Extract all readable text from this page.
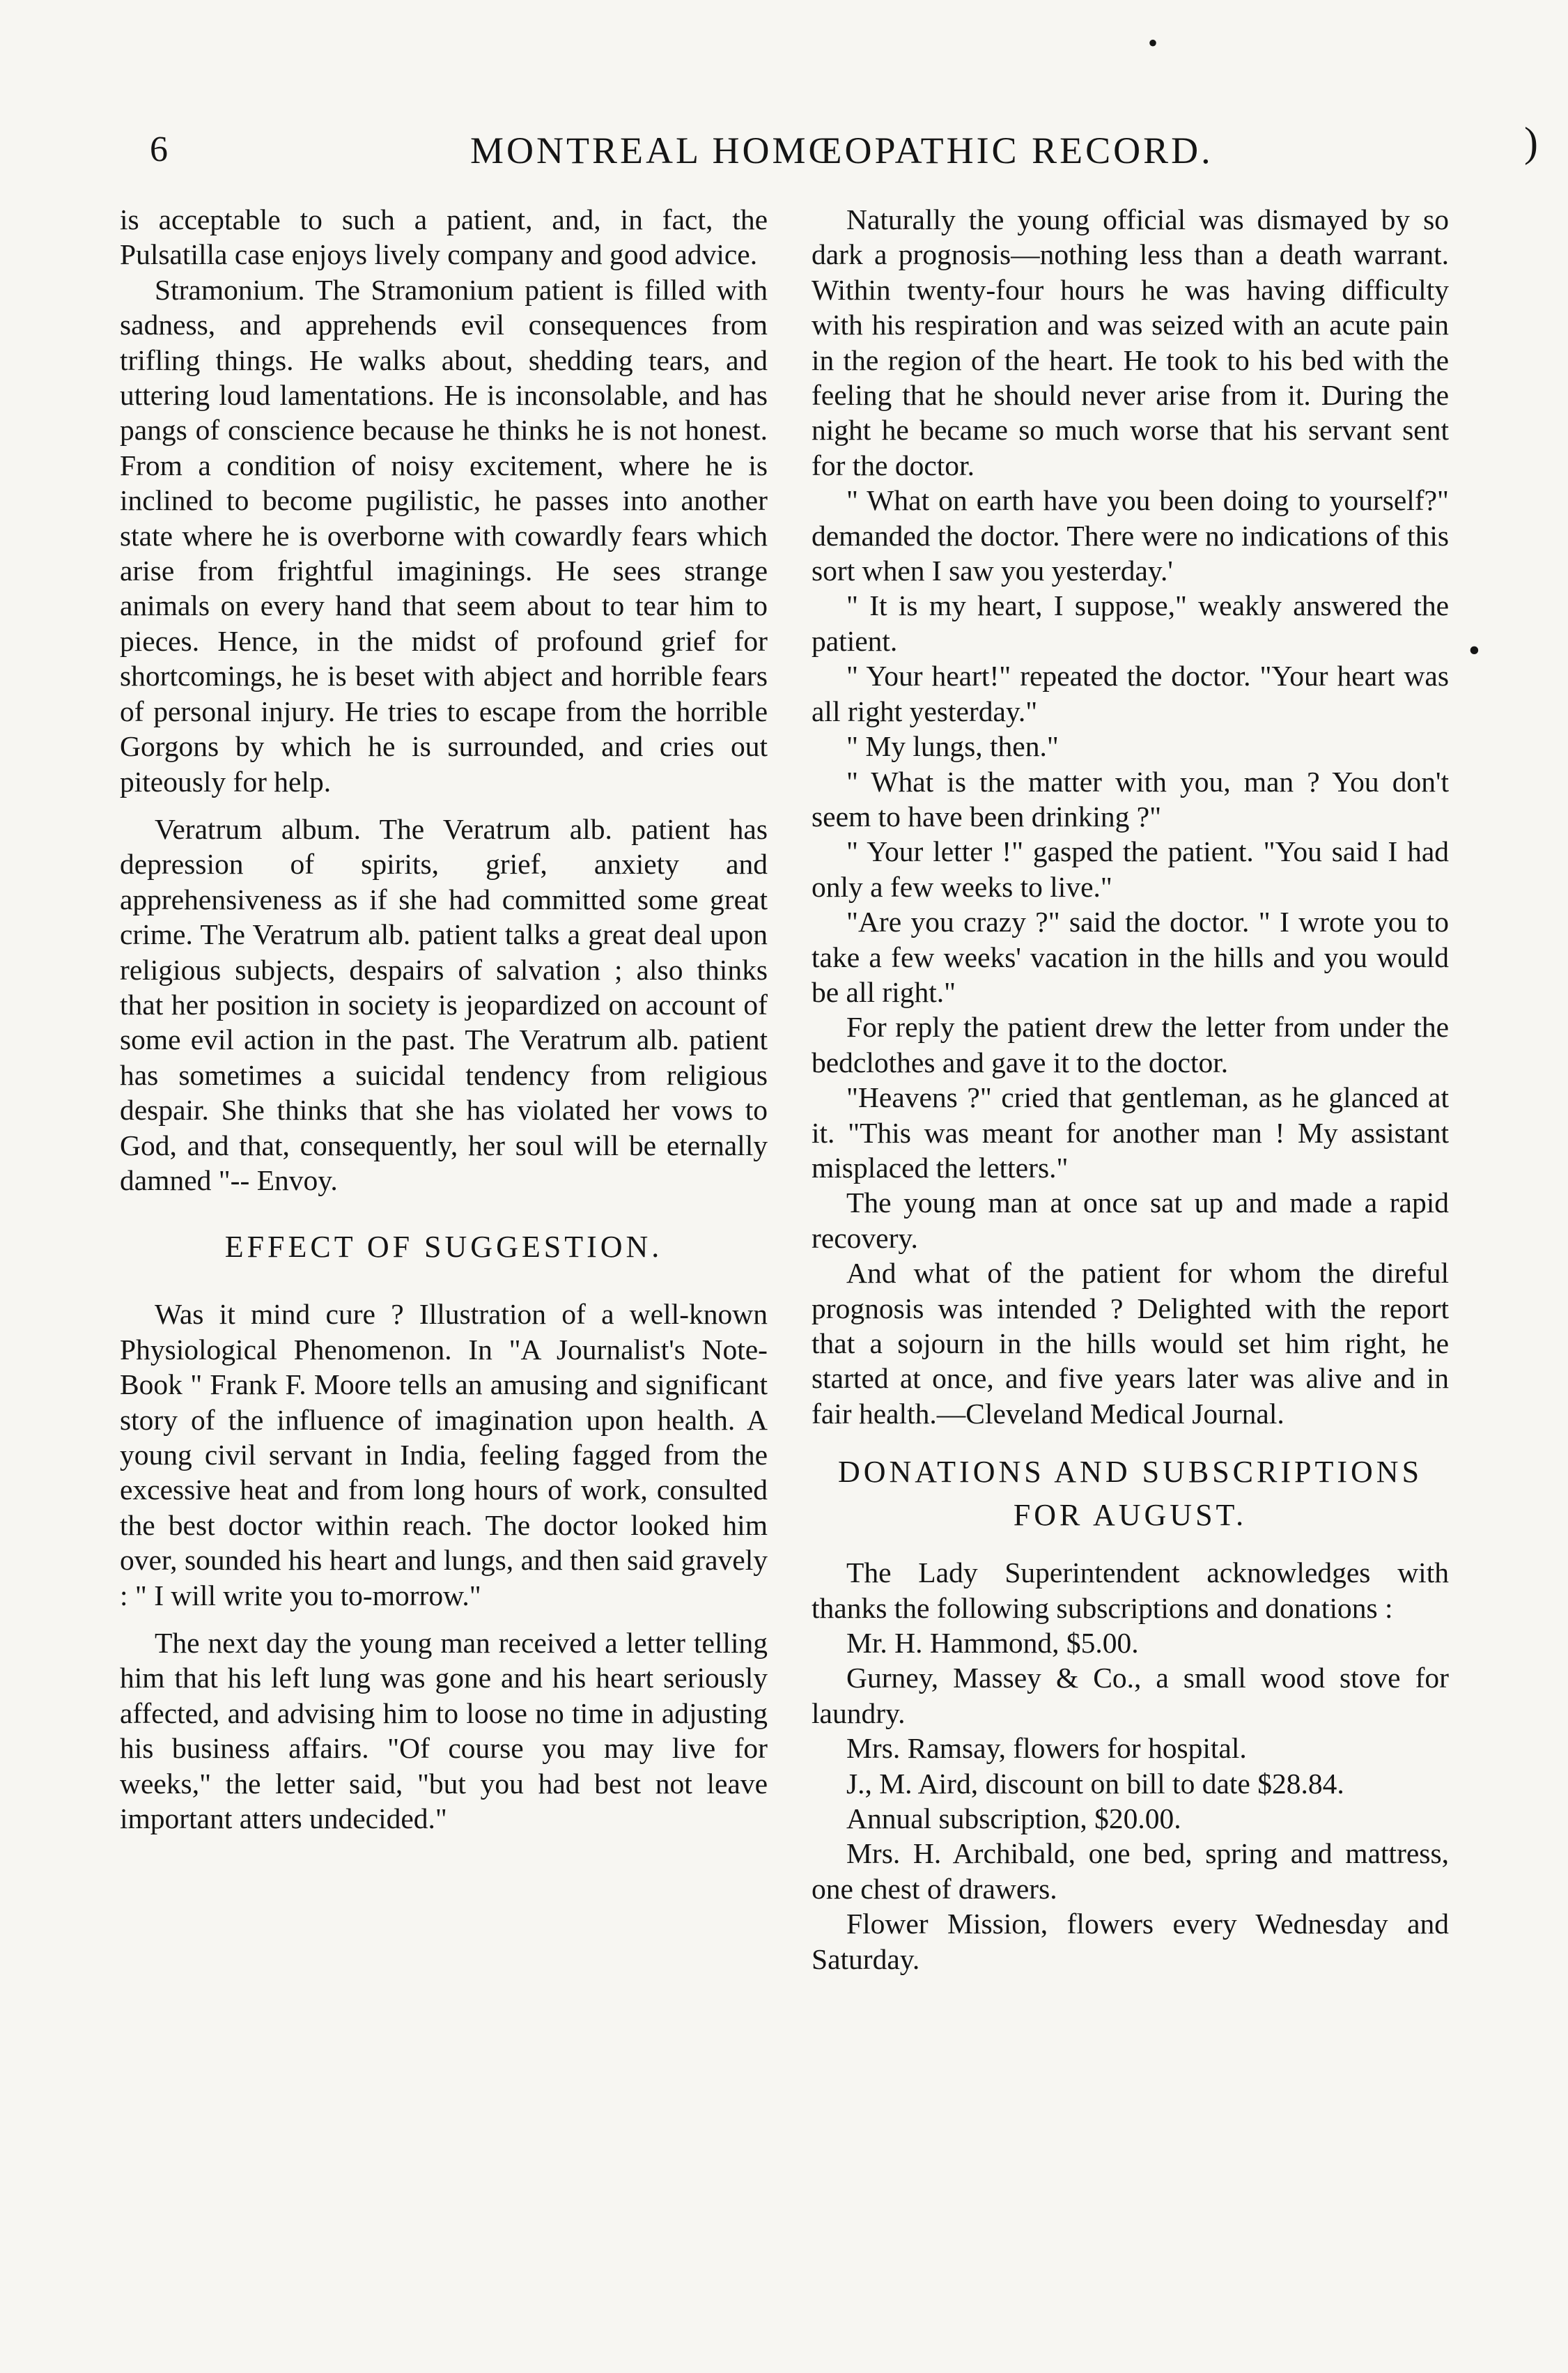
•
)
•
6	MONTREAL HOMŒOPATHIC RECORD.

is acceptable to such a patient, and, in fact, the Pulsatilla case enjoys lively company and good advice.

Stramonium. The Stramonium patient is filled with sadness, and apprehends evil consequences from trifling things. He walks about, shedding tears, and uttering loud lamentations. He is inconsolable, and has pangs of conscience because he thinks he is not honest. From a condition of noisy excitement, where he is inclined to become pugilistic, he passes into another state where he is overborne with cowardly fears which arise from frightful imaginings. He sees strange animals on every hand that seem about to tear him to pieces. Hence, in the midst of profound grief for shortcomings, he is beset with abject and horrible fears of personal injury. He tries to escape from the horrible Gorgons by which he is surrounded, and cries out piteously for help.

Veratrum album. The Veratrum alb. patient has depression of spirits, grief, anxiety and apprehensiveness as if she had committed some great crime. The Veratrum alb. patient talks a great deal upon religious subjects, despairs of salvation ; also thinks that her position in society is jeopardized on account of some evil action in the past. The Veratrum alb. patient has sometimes a suicidal tendency from religious despair. She thinks that she has violated her vows to God, and that, consequently, her soul will be eternally damned "-- Envoy.

EFFECT OF SUGGESTION.

Was it mind cure ? Illustration of a well-known Physiological Phenomenon. In "A Journalist's Note-Book " Frank F. Moore tells an amusing and significant story of the influence of imagination upon health. A young civil servant in India, feeling fagged from the excessive heat and from long hours of work, consulted the best doctor within reach. The doctor looked him over, sounded his heart and lungs, and then said gravely : " I will write you to-morrow."

The next day the young man received a letter telling him that his left lung was gone and his heart seriously affected, and advising him to loose no time in adjusting his business affairs. "Of course you may live for weeks," the letter said, "but you had best not leave important atters undecided."

Naturally the young official was dismayed by so dark a prognosis—nothing less than a death warrant. Within twenty-four hours he was having difficulty with his respiration and was seized with an acute pain in the region of the heart. He took to his bed with the feeling that he should never arise from it. During the night he became so much worse that his servant sent for the doctor.

" What on earth have you been doing to yourself?" demanded the doctor. There were no indications of this sort when I saw you yesterday.'

" It is my heart, I suppose," weakly answered the patient.

" Your heart!" repeated the doctor. "Your heart was all right yesterday."

" My lungs, then."

" What is the matter with you, man ? You don't seem to have been drinking ?"

" Your letter !" gasped the patient. "You said I had only a few weeks to live."

"Are you crazy ?" said the doctor. " I wrote you to take a few weeks' vacation in the hills and you would be all right."

For reply the patient drew the letter from under the bedclothes and gave it to the doctor.

"Heavens ?" cried that gentleman, as he glanced at it. "This was meant for another man ! My assistant misplaced the letters."

The young man at once sat up and made a rapid recovery.

And what of the patient for whom the direful prognosis was intended ? Delighted with the report that a sojourn in the hills would set him right, he started at once, and five years later was alive and in fair health.—Cleveland Medical Journal.

DONATIONS AND SUBSCRIPTIONS
FOR AUGUST.

The Lady Superintendent acknowledges with thanks the following subscriptions and donations :

Mr. H. Hammond, $5.00.

Gurney, Massey & Co., a small wood stove for laundry.

Mrs. Ramsay, flowers for hospital.

J., M. Aird, discount on bill to date $28.84.

Annual subscription, $20.00.

Mrs. H. Archibald, one bed, spring and mattress, one chest of drawers.

Flower Mission, flowers every Wednesday and Saturday.
